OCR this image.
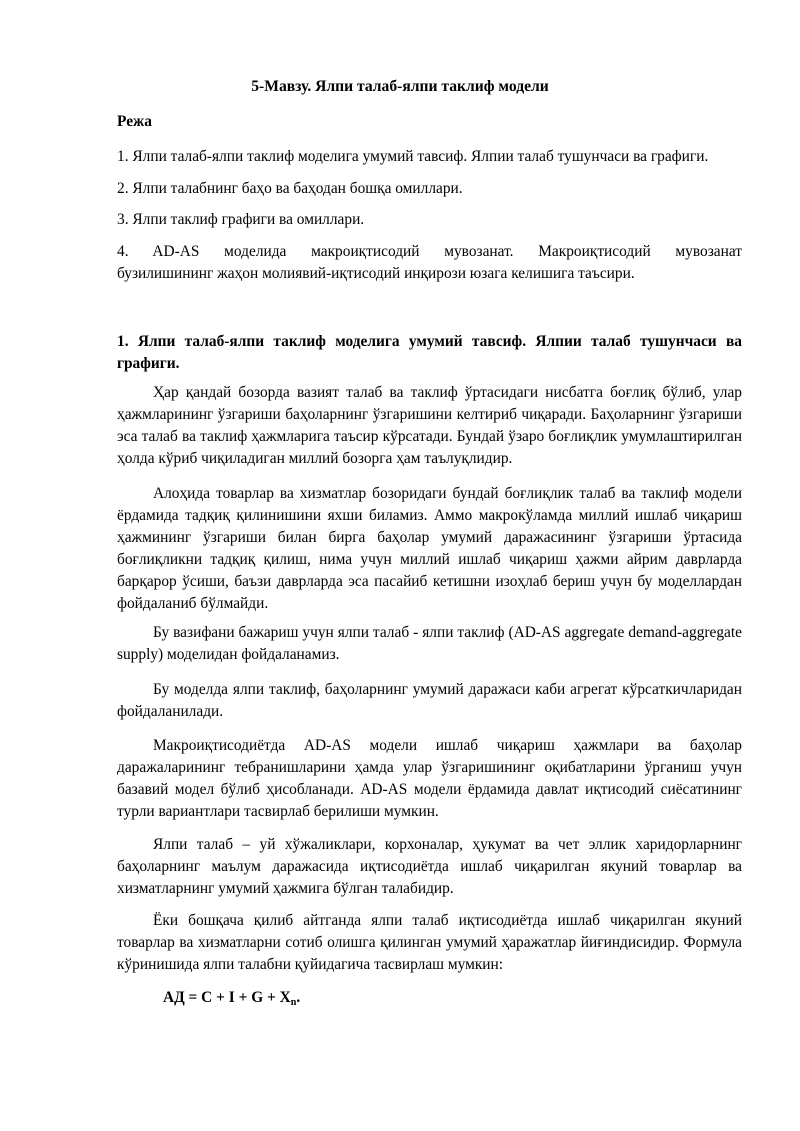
5-Мавзу. Ялпи талаб-ялпи таклиф модели
Режа
1. Ялпи талаб-ялпи таклиф моделига умумий тавсиф. Ялпии талаб тушунчаси ва графиги.
2. Ялпи талабнинг баҳо ва баҳодан бошқа омиллари.
3. Ялпи таклиф графиги ва омиллари.
4. AD-AS моделида макроиқтисодий мувозанат. Макроиқтисодий мувозанат
бузилишининг жаҳон молиявий-иқтисодий инқирози юзага келишига таъсири.
1. Ялпи талаб-ялпи таклиф моделига умумий тавсиф. Ялпии талаб тушунчаси ва графиги.
Ҳар қандай бозорда вазият талаб ва таклиф ўртасидаги нисбатга боғлиқ бўлиб, улар ҳажмларининг ўзгариши баҳоларнинг ўзгаришини келтириб чиқаради. Баҳоларнинг ўзгариши эса талаб ва таклиф ҳажмларига таъсир кўрсатади. Бундай ўзаро боғлиқлик умумлаштирилган ҳолда кўриб чиқиладиган миллий бозорга ҳам таълуқлидир.
Алоҳида товарлар ва хизматлар бозоридаги бундай боғлиқлик талаб ва таклиф модели ёрдамида тадқиқ қилинишини яхши биламиз. Аммо макрокўламда миллий ишлаб чиқариш ҳажмининг ўзгариши билан бирга баҳолар умумий даражасининг ўзгариши ўртасида боғлиқликни тадқиқ қилиш, нима учун миллий ишлаб чиқариш ҳажми айрим даврларда барқарор ўсиши, баъзи даврларда эса пасайиб кетишни изоҳлаб бериш учун бу моделлардан фойдаланиб бўлмайди.
Бу вазифани бажариш учун ялпи талаб - ялпи таклиф (AD-AS aggregate demand-aggregate supply) моделидан фойдаланамиз.
Бу моделда ялпи таклиф, баҳоларнинг умумий даражаси каби агрегат кўрсаткичларидан фойдаланилади.
Макроиқтисодиётда AD-AS модели ишлаб чиқариш ҳажмлари ва баҳолар даражаларининг тебранишларини ҳамда улар ўзгаришининг оқибатларини ўрганиш учун базавий модел бўлиб ҳисобланади. AD-AS модели ёрдамида давлат иқтисодий сиёсатининг турли вариантлари тасвирлаб берилиши мумкин.
Ялпи талаб – уй хўжаликлари, корхоналар, ҳукумат ва чет эллик харидорларнинг баҳоларнинг маълум даражасида иқтисодиётда ишлаб чиқарилган якуний товарлар ва хизматларнинг умумий ҳажмига бўлган талабидир.
Ёки бошқача қилиб айтганда ялпи талаб иқтисодиётда ишлаб чиқарилган якуний товарлар ва хизматларни сотиб олишга қилинган умумий ҳаражатлар йиғиндисидир. Формула кўринишида ялпи талабни қуйидагича тасвирлаш мумкин:
АД = $C + I + G + X_n$.
